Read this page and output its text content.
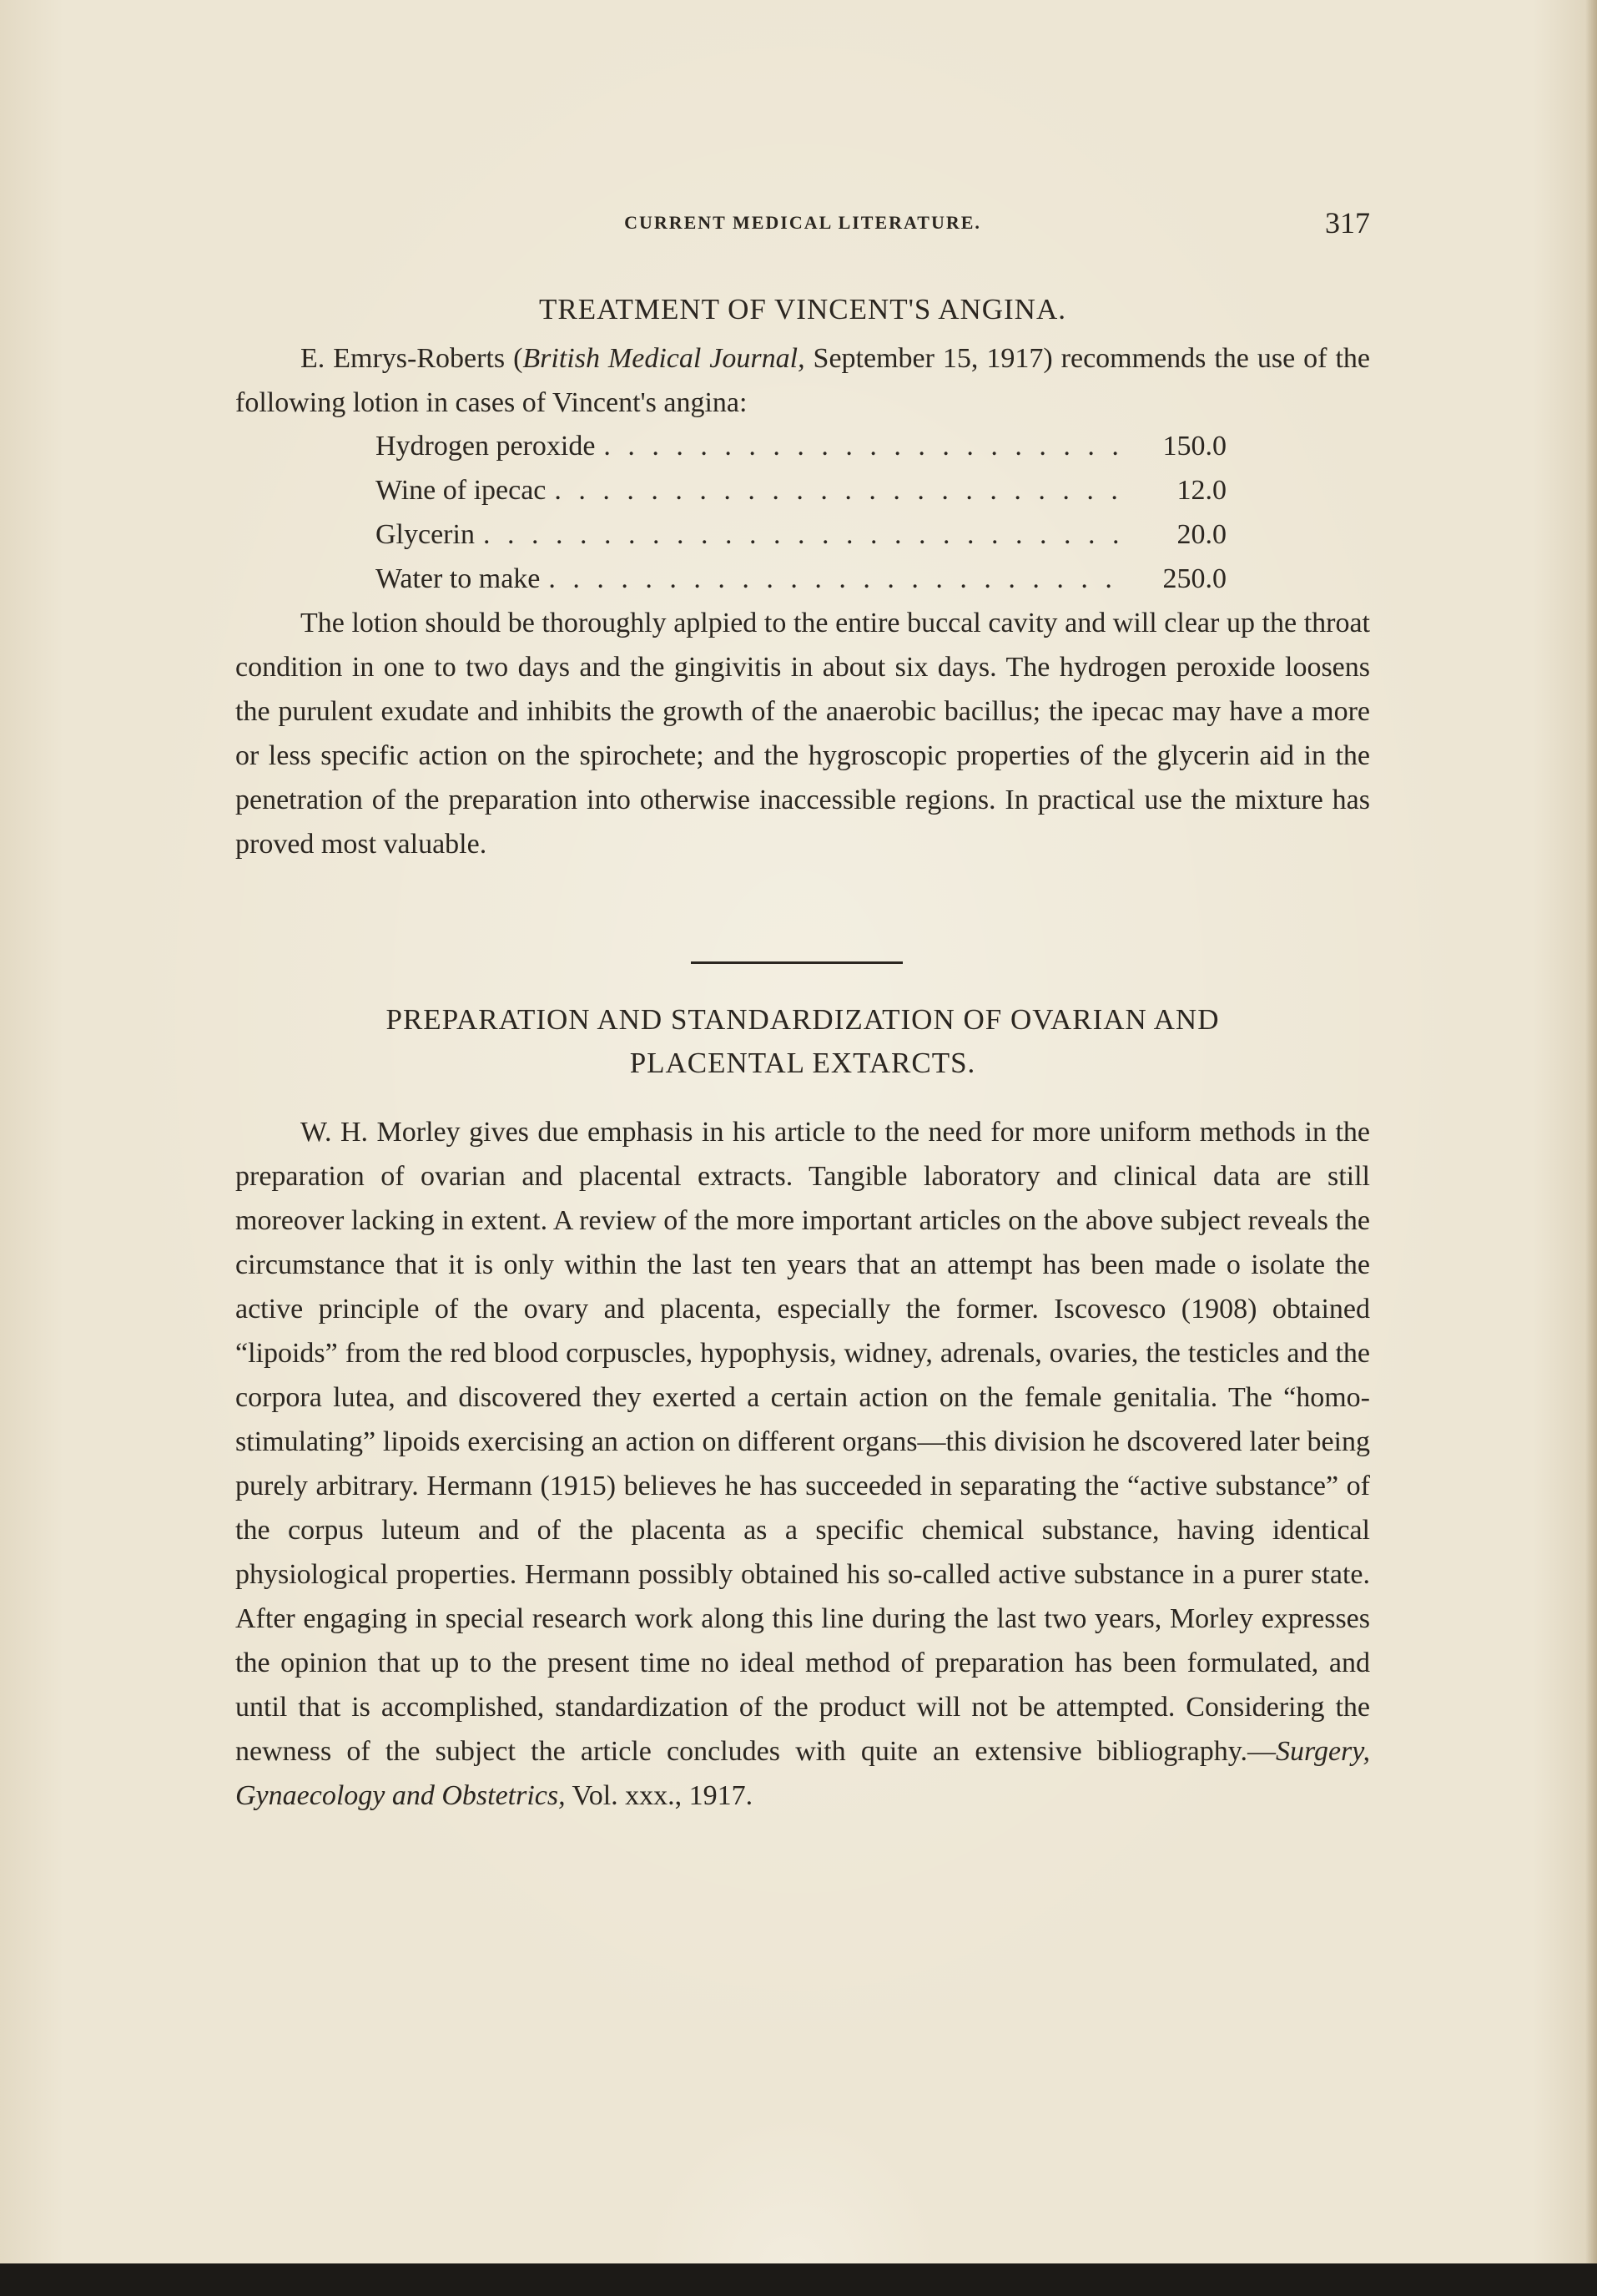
CURRENT MEDICAL LITERATURE.	317
TREATMENT OF VINCENT'S ANGINA.

E. Emrys-Roberts (British Medical Journal, September 15, 1917) recommends the use of the following lotion in cases of Vincent's angina:

Hydrogen peroxide . . .	150.0
Wine of ipecac . . .	12.0
Glycerin . . .	20.0
Water to make . . .	250.0

The lotion should be thoroughly aplpied to the entire buccal cavity and will clear up the throat condition in one to two days and the gingivitis in about six days. The hydrogen peroxide loosens the purulent exudate and inhibits the growth of the anaerobic bacillus; the ipecac may have a more or less specific action on the spirochete; and the hygroscopic properties of the glycerin aid in the penetration of the preparation into otherwise inaccessible regions. In practical use the mixture has proved most valuable.

PREPARATION AND STANDARDIZATION OF OVARIAN AND
PLACENTAL EXTARCTS.

W. H. Morley gives due emphasis in his article to the need for more uniform methods in the preparation of ovarian and placental extracts. Tangible laboratory and clinical data are still moreover lacking in extent. A review of the more important articles on the above subject reveals the circumstance that it is only within the last ten years that an attempt has been made o isolate the active principle of the ovary and placenta, especially the former. Iscovesco (1908) obtained “lipoids” from the red blood corpuscles, hypophysis, widney, adrenals, ovaries, the testicles and the corpora lutea, and discovered they exerted a certain action on the female genitalia. The “homo-stimulating” lipoids exercising an action on different organs—this division he dscovered later being purely arbitrary. Hermann (1915) believes he has succeeded in separating the “active substance” of the corpus luteum and of the placenta as a specific chemical substance, having identical physiological properties. Hermann possibly obtained his so-called active substance in a purer state. After engaging in special research work along this line during the last two years, Morley expresses the opinion that up to the present time no ideal method of preparation has been formulated, and until that is accomplished, standardization of the product will not be attempted. Considering the newness of the subject the article concludes with quite an extensive bibliography.—Surgery, Gynaecology and Obstetrics, Vol. xxx., 1917.
